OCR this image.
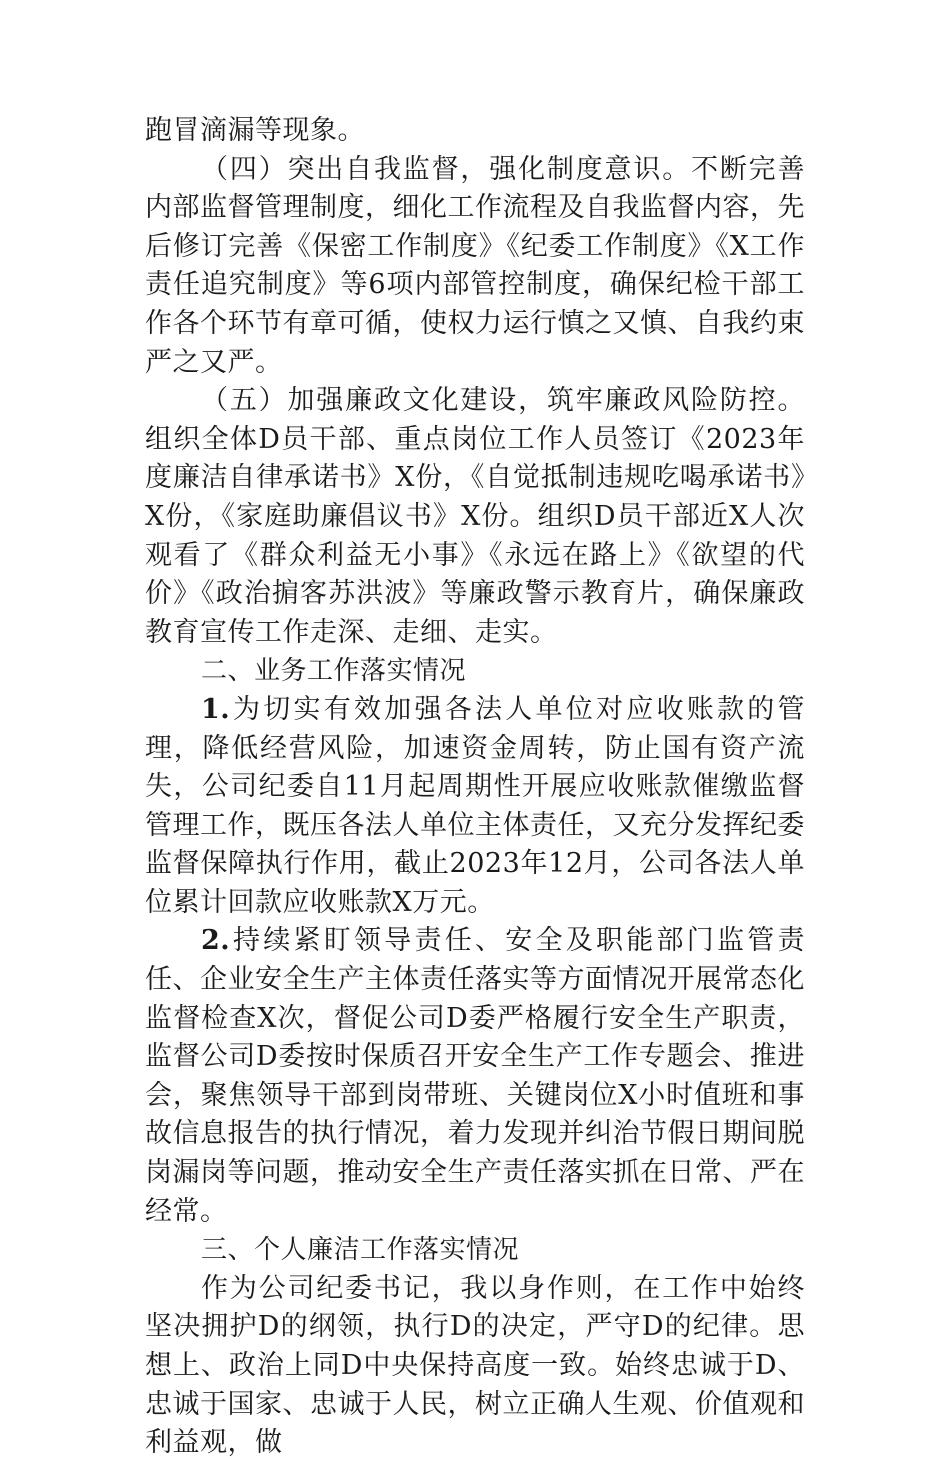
跑冒滴漏等现象。

（四）突出自我监督，强化制度意识。不断完善内部监督管理制度，细化工作流程及自我监督内容，先后修订完善《保密工作制度》《纪委工作制度》《X工作责任追究制度》等6项内部管控制度，确保纪检干部工作各个环节有章可循，使权力运行慎之又慎、自我约束严之又严。

（五）加强廉政文化建设，筑牢廉政风险防控。组织全体D员干部、重点岗位工作人员签订《2023年度廉洁自律承诺书》X份，《自觉抵制违规吃喝承诺书》X份，《家庭助廉倡议书》X份。组织D员干部近X人次观看了《群众利益无小事》《永远在路上》《欲望的代价》《政治掮客苏洪波》等廉政警示教育片，确保廉政教育宣传工作走深、走细、走实。

二、业务工作落实情况

1.为切实有效加强各法人单位对应收账款的管理，降低经营风险，加速资金周转，防止国有资产流失，公司纪委自11月起周期性开展应收账款催缴监督管理工作，既压各法人单位主体责任，又充分发挥纪委监督保障执行作用，截止2023年12月，公司各法人单位累计回款应收账款X万元。

2.持续紧盯领导责任、安全及职能部门监管责任、企业安全生产主体责任落实等方面情况开展常态化监督检查X次，督促公司D委严格履行安全生产职责，监督公司D委按时保质召开安全生产工作专题会、推进会，聚焦领导干部到岗带班、关键岗位X小时值班和事故信息报告的执行情况，着力发现并纠治节假日期间脱岗漏岗等问题，推动安全生产责任落实抓在日常、严在经常。

三、个人廉洁工作落实情况

作为公司纪委书记，我以身作则，在工作中始终坚决拥护D的纲领，执行D的决定，严守D的纪律。思想上、政治上同D中央保持高度一致。始终忠诚于D、忠诚于国家、忠诚于人民，树立正确人生观、价值观和利益观，做
